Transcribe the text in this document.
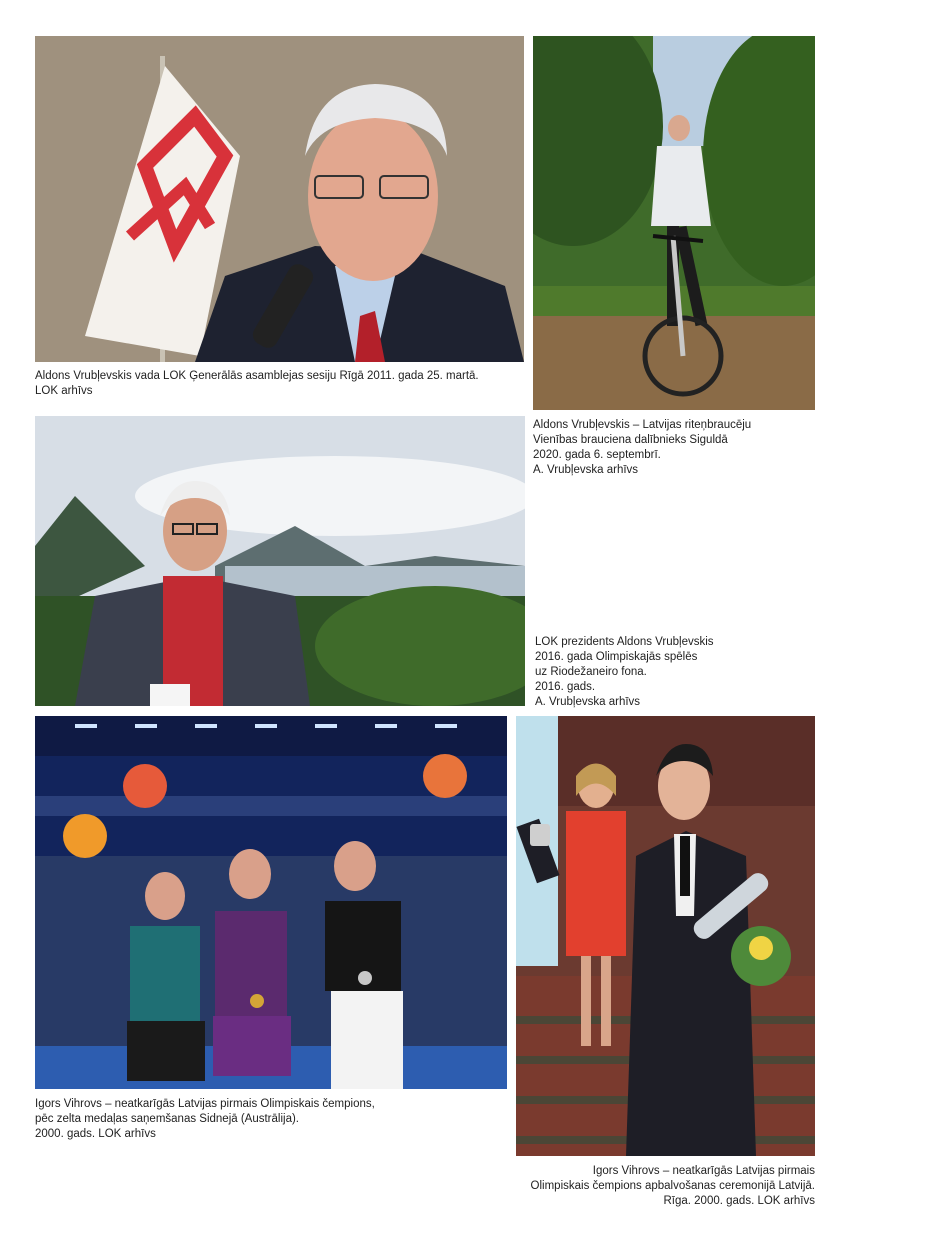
Aldons Vrubļevskis vada LOK Ģenerālās asamblejas sesiju Rīgā 2011. gada 25. martā.
LOK arhīvs
Aldons Vrubļevskis – Latvijas riteņbraucēju
Vienības brauciena dalībnieks Siguldā
2020. gada 6. septembrī.
A. Vrubļevska arhīvs
LOK prezidents Aldons Vrubļevskis
2016. gada Olimpiskajās spēlēs
uz Riodežaneiro fona.
2016. gads.
A. Vrubļevska arhīvs
Igors Vihrovs – neatkarīgās Latvijas pirmais Olimpiskais čempions,
pēc zelta medaļas saņemšanas Sidnejā (Austrālija).
2000. gads. LOK arhīvs
Igors Vihrovs – neatkarīgās Latvijas pirmais
Olimpiskais čempions apbalvošanas ceremonijā Latvijā.
Rīga. 2000. gads. LOK arhīvs
